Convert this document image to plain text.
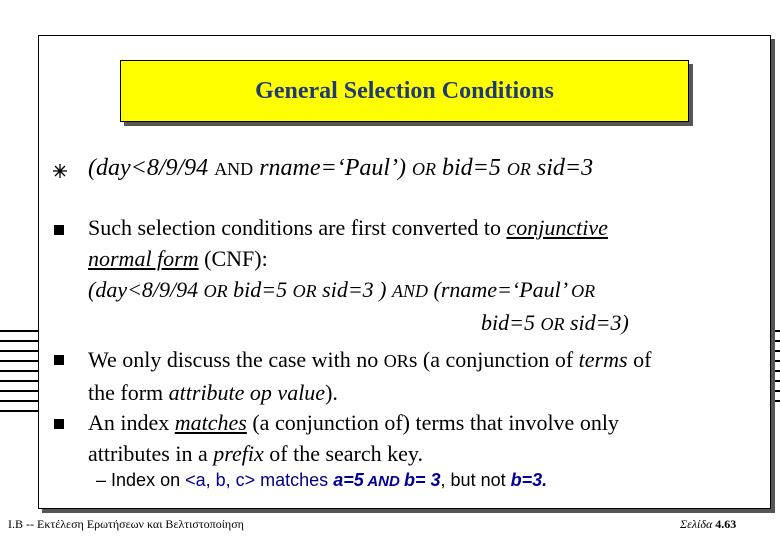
General Selection Conditions
(day<8/9/94 AND rname=‘Paul’) OR bid=5 OR sid=3
Such selection conditions are first converted to conjunctive
normal form (CNF):
(day<8/9/94 OR bid=5 OR sid=3 ) AND (rname=‘Paul’ OR
bid=5 OR sid=3)
We only discuss the case with no ORs (a conjunction of terms of
the form attribute op value).
An index matches (a conjunction of) terms that involve only
attributes in a prefix of the search key.
– Index on <a, b, c> matches a=5 AND b= 3, but not b=3.
I.B -- Εκτέλεση Ερωτήσεων και Βελτιστοποίηση	Σελίδα 4.63
